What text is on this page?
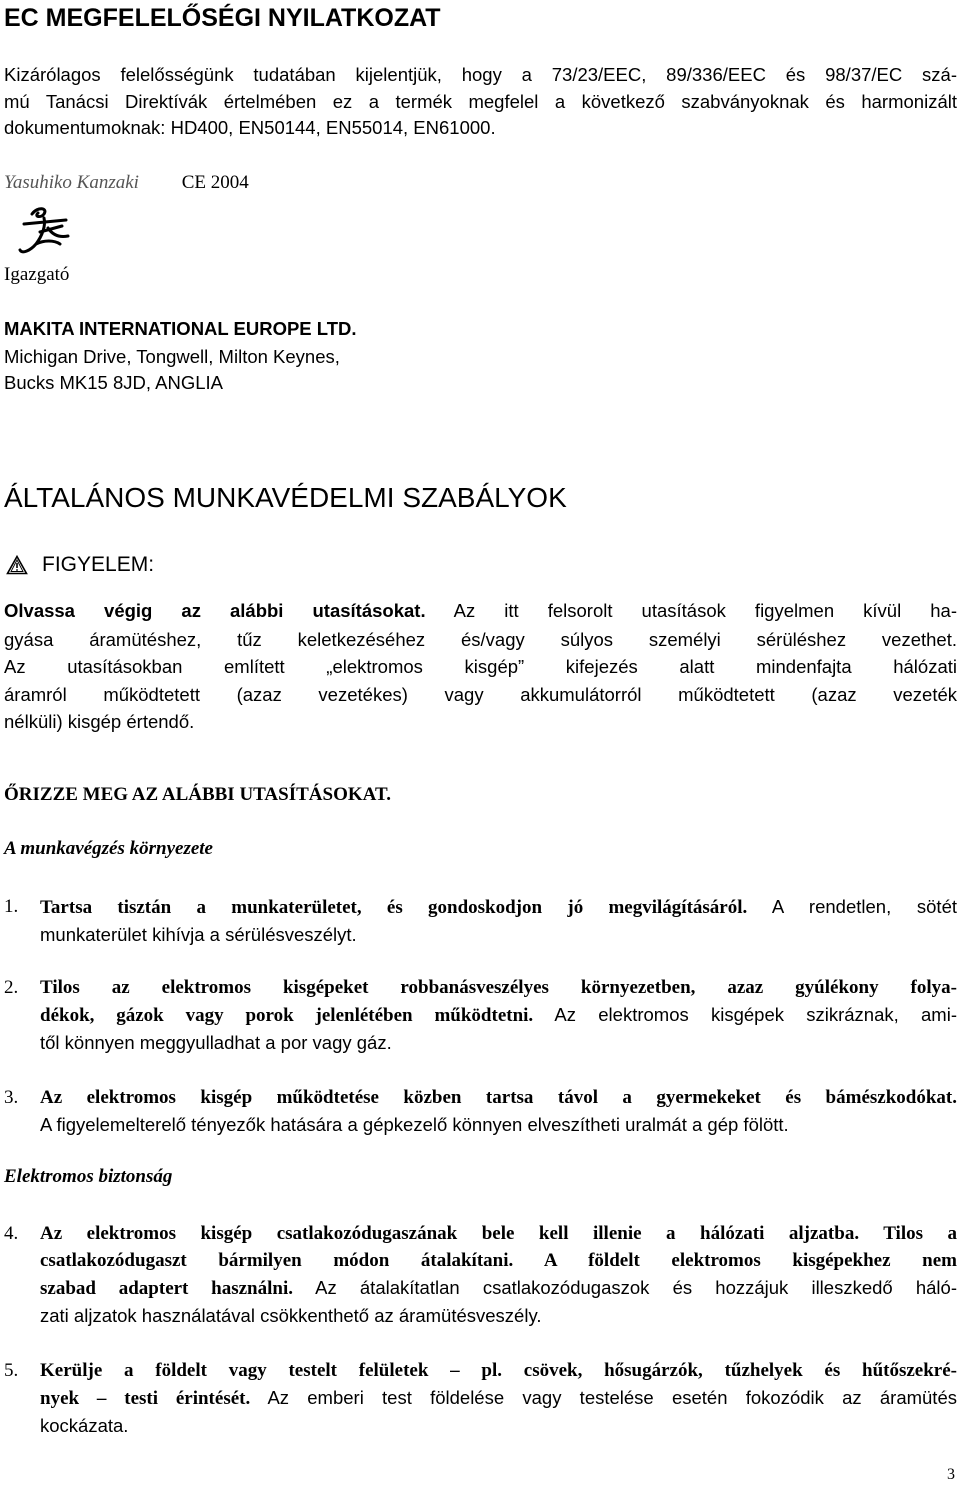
EC MEGFELELŐSÉGI NYILATKOZAT
Kizárólagos felelősségünk tudatában kijelentjük, hogy a 73/23/EEC, 89/336/EEC és 98/37/EC szá-
mú Tanácsi Direktívák értelmében ez a termék megfelel a következő szabványoknak és harmonizált
dokumentumoknak: HD400, EN50144, EN55014, EN61000.
Yasuhiko Kanzaki CE 2004

Igazgató

MAKITA INTERNATIONAL EUROPE LTD.

Michigan Drive, Tongwell, Milton Keynes,

Bucks MK15 8JD, ANGLIA

ÁLTALÁNOS MUNKAVÉDELMI SZABÁLYOK
FIGYELEM:
Olvassa végig az alábbi utasításokat. Az itt felsorolt utasítások figyelmen kívül ha-
gyása áramütéshez, tűz keletkezéséhez és/vagy súlyos személyi sérüléshez vezethet.
Az utasításokban említett „elektromos kisgép” kifejezés alatt mindenfajta hálózati
áramról működtetett (azaz vezetékes) vagy akkumulátorról működtetett (azaz vezeték
nélküli) kisgép értendő.

ŐRIZZE MEG AZ ALÁBBI UTASÍTÁSOKAT.

A munkavégzés környezete

1. Tartsa tisztán a munkaterületet, és gondoskodjon jó megvilágításáról. A rendetlen, sötét
munkaterület kihívja a sérülésveszélyt.
2. Tilos az elektromos kisgépeket robbanásveszélyes környezetben, azaz gyúlékony folya-
dékok, gázok vagy porok jelenlétében működtetni. Az elektromos kisgépek szikráznak, ami-
től könnyen meggyulladhat a por vagy gáz.
3. Az elektromos kisgép működtetése közben tartsa távol a gyermekeket és bámészkodókat.
A figyelemelterelő tényezők hatására a gépkezelő könnyen elveszítheti uralmát a gép fölött.

Elektromos biztonság

4. Az elektromos kisgép csatlakozódugaszának bele kell illenie a hálózati aljzatba. Tilos a
csatlakozódugaszt bármilyen módon átalakítani. A földelt elektromos kisgépekhez nem
szabad adaptert használni. Az átalakítatlan csatlakozódugaszok és hozzájuk illeszkedő háló-
zati aljzatok használatával csökkenthető az áramütésveszély.
5. Kerülje a földelt vagy testelt felületek – pl. csövek, hősugárzók, tűzhelyek és hűtőszekré-
nyek – testi érintését. Az emberi test földelése vagy testelése esetén fokozódik az áramütés
kockázata.
3
